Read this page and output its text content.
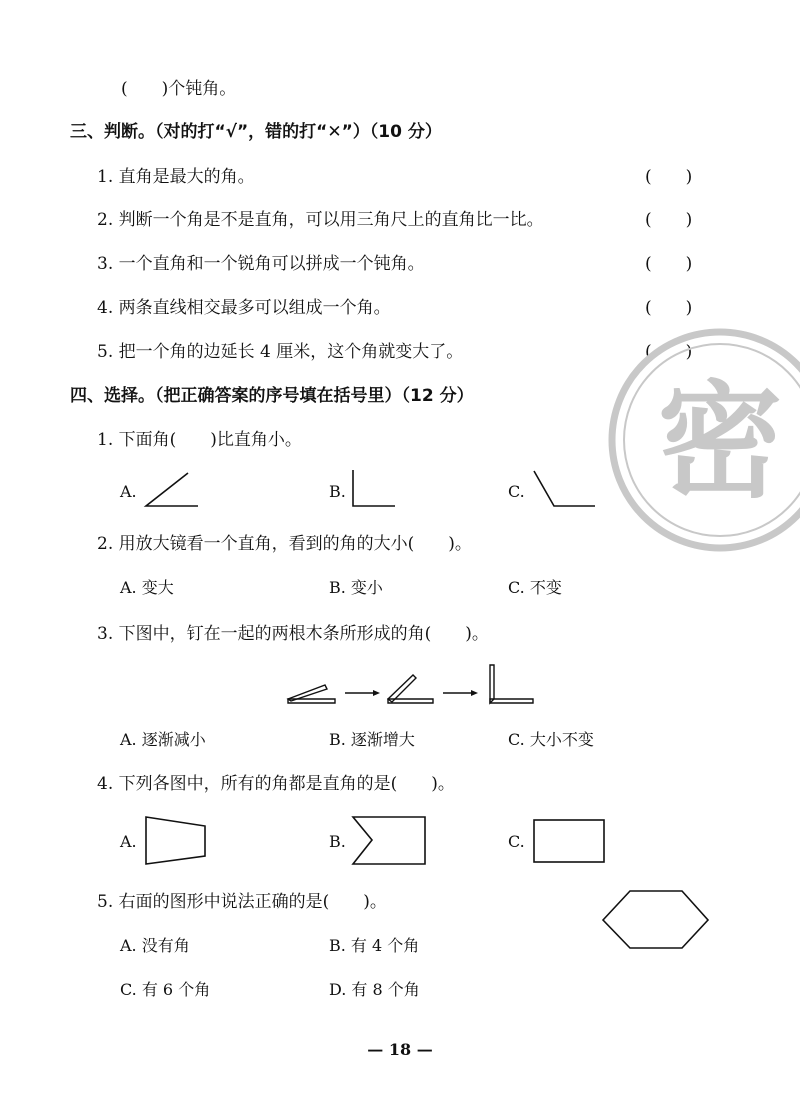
(　　)个钝角。
三、判断。（对的打“√”，错的打“✕”）（10 分）
1. 直角是最大的角。	(　　)
2. 判断一个角是不是直角，可以用三角尺上的直角比一比。	(　　)
3. 一个直角和一个锐角可以拼成一个钝角。	(　　)
4. 两条直线相交最多可以组成一个角。	(　　)
5. 把一个角的边延长 4 厘米，这个角就变大了。	(　　)
密
四、选择。（把正确答案的序号填在括号里）（12 分）
1. 下面角(　　)比直角小。
A.	B.	C.
2. 用放大镜看一个直角，看到的角的大小(　　)。
A. 变大	B. 变小	C. 不变
3. 下图中，钉在一起的两根木条所形成的角(　　)。
A. 逐渐减小	B. 逐渐增大	C. 大小不变
4. 下列各图中，所有的角都是直角的是(　　)。
A.	B.	C.
5. 右面的图形中说法正确的是(　　)。
A. 没有角	B. 有 4 个角
C. 有 6 个角	D. 有 8 个角
— 18 —
